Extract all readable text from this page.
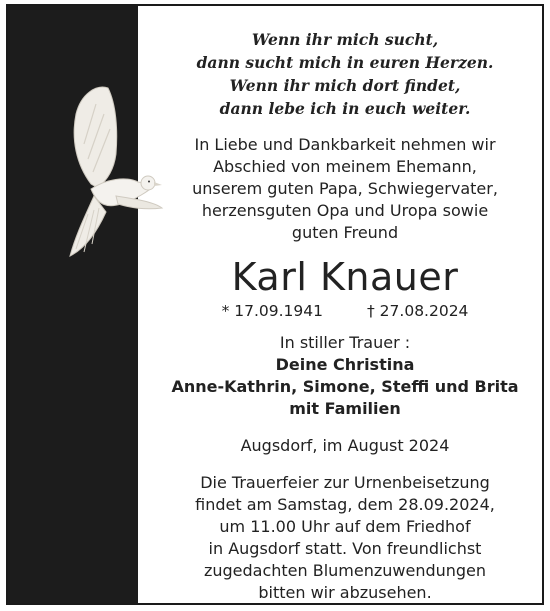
Wenn ihr mich sucht,
dann sucht mich in euren Herzen.
Wenn ihr mich dort findet,
dann lebe ich in euch weiter.
In Liebe und Dankbarkeit nehmen wir
Abschied von meinem Ehemann,
unserem guten Papa, Schwiegervater,
herzensguten Opa und Uropa sowie
guten Freund
Karl Knauer
* 17.09.1941	† 27.08.2024
In stiller Trauer :
Deine Christina
Anne-Kathrin, Simone, Steffi und Brita
mit Familien
Augsdorf, im August 2024
Die Trauerfeier zur Urnenbeisetzung
findet am Samstag, dem 28.09.2024,
um 11.00 Uhr auf dem Friedhof
in Augsdorf statt. Von freundlichst
zugedachten Blumenzuwendungen
bitten wir abzusehen.
